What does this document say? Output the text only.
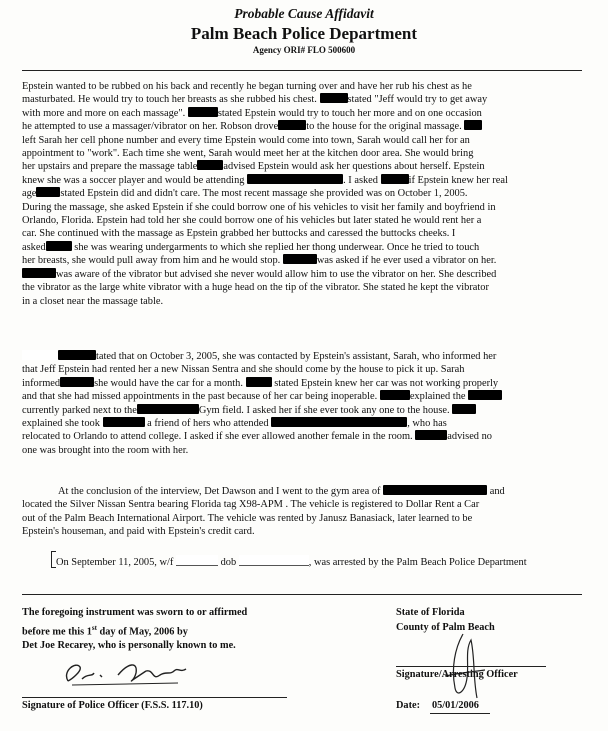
Probable Cause Affidavit
Palm Beach Police Department
Agency ORI# FLO 500600
Epstein wanted to be rubbed on his back and recently he began turning over and have her rub his chest as he
masturbated. He would try to touch her breasts as she rubbed his chest.	stated "Jeff would try to get away
with more and more on each massage".	stated Epstein would try to touch her more and on one occasion
he attempted to use a massager/vibrator on her. Robson drove	to the house for the original massage.
left Sarah her cell phone number and every time Epstein would come into town, Sarah would call her for an
appointment to "work". Each time she went, Sarah would meet her at the kitchen door area. She would bring
her upstairs and prepare the massage table	advised Epstein would ask her questions about herself. Epstein
knew she was a soccer player and would be attending	. I asked	if Epstein knew her real
age stated Epstein did and didn't care. The most recent massage she provided was on October 1, 2005.
During the massage, she asked Epstein if she could borrow one of his vehicles to visit her family and boyfriend in
Orlando, Florida. Epstein had told her she could borrow one of his vehicles but later stated he would rent her a
car. She continued with the massage as Epstein grabbed her buttocks and caressed the buttocks cheeks. I
asked	she was wearing undergarments to which she replied her thong underwear. Once he tried to touch
her breasts, she would pull away from him and he would stop.	was asked if he ever used a vibrator on her.
was aware of the vibrator but advised she never would allow him to use the vibrator on her. She described
the vibrator as the large white vibrator with a huge head on the tip of the vibrator. She stated he kept the vibrator
in a closet near the massage table.
tated that on October 3, 2005, she was contacted by Epstein's assistant, Sarah, who informed her
that Jeff Epstein had rented her a new Nissan Sentra and she should come by the house to pick it up. Sarah
informed	she would have the car for a month.	stated Epstein knew her car was not working properly
and that she had missed appointments in the past because of her car being inoperable.	explained the
currently parked next to the	Gym field. I asked her if she ever took any one to the house.
explained she took	a friend of hers who attended	, who has
relocated to Orlando to attend college. I asked if she ever allowed another female in the room.	advised no
one was brought into the room with her.
At the conclusion of the interview, Det Dawson and I went to the gym area of	and
located the Silver Nissan Sentra bearing Florida tag X98-APM . The vehicle is registered to Dollar Rent a Car
out of the Palm Beach International Airport. The vehicle was rented by Janusz Banasiack, later learned to be
Epstein's houseman, and paid with Epstein's credit card.
On September 11, 2005, w/f	dob	, was arrested by the Palm Beach Police Department
The foregoing instrument was sworn to or affirmed
before me this 1st day of May, 2006 by
Det Joe Recarey, who is personally known to me.
State of Florida
County of Palm Beach
Signature of Police Officer (F.S.S. 117.10)
Signature/Arresting Officer
Date: 05/01/2006
